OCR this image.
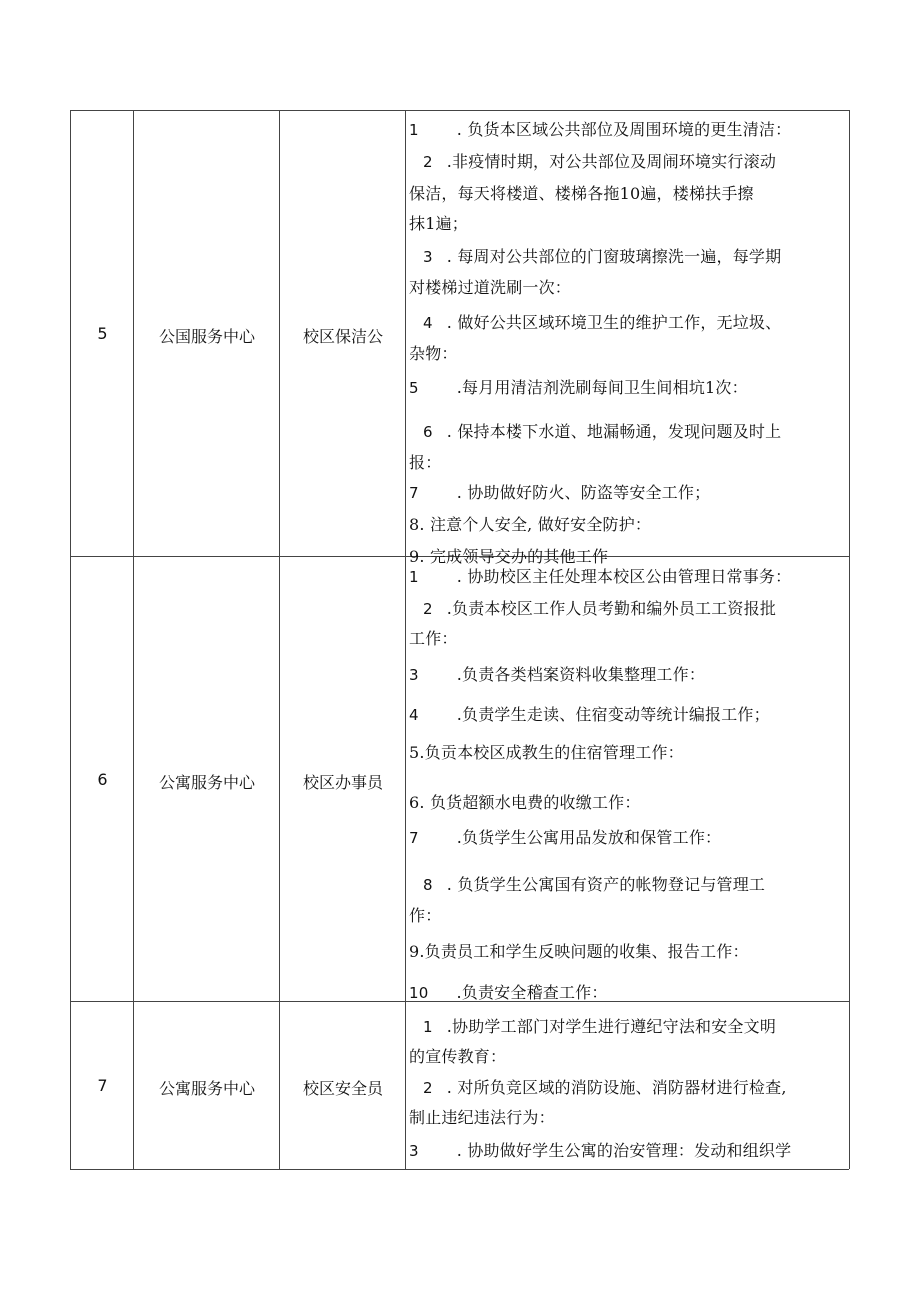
5	公国服务中心	校区保洁公
1 . 负货本区域公共部位及周围环境的更生清洁：
2 .非疫情时期，对公共部位及周闹环境实行滚动
保洁，每天将楼道、楼梯各拖10遍，楼梯扶手擦
抹1遍；
3 . 每周对公共部位的门窗玻璃擦洗一遍，每学期
对楼梯过道洗刷一次：
4 . 做好公共区域环境卫生的维护工作，无垃圾、
杂物：
5 .每月用清洁剂洗刷每间卫生间相坑1次：
6 . 保持本楼下水道、地漏畅通，发现问题及时上
报：
7 . 协助做好防火、防盗等安全工作；
8. 注意个人安全, 做好安全防护：
9. 完成领导交办的其他工作
6	公寓服务中心	校区办事员
1 . 协助校区主任处理本校区公由管理日常事务：
2 .负责本校区工作人员考勤和编外员工工资报批
工作：
3 .负责各类档案资料收集整理工作：
4 .负责学生走读、住宿变动等统计编报工作；
5.负贡本校区成教生的住宿管理工作：
6. 负货超额水电费的收缴工作：
7 .负货学生公寓用品发放和保管工作：
8 . 负货学生公寓国有资产的帐物登记与管理工
作：
9.负责员工和学生反映问题的收集、报告工作：
10 .负责安全稽查工作：
7	公寓服务中心	校区安全员
1 .协助学工部门对学生进行遵纪守法和安全文明
的宣传教育：
2 . 对所负竞区域的消防设施、消防器材进行检查,
制止违纪违法行为：
3 . 协助做好学生公寓的治安管理：发动和组织学
